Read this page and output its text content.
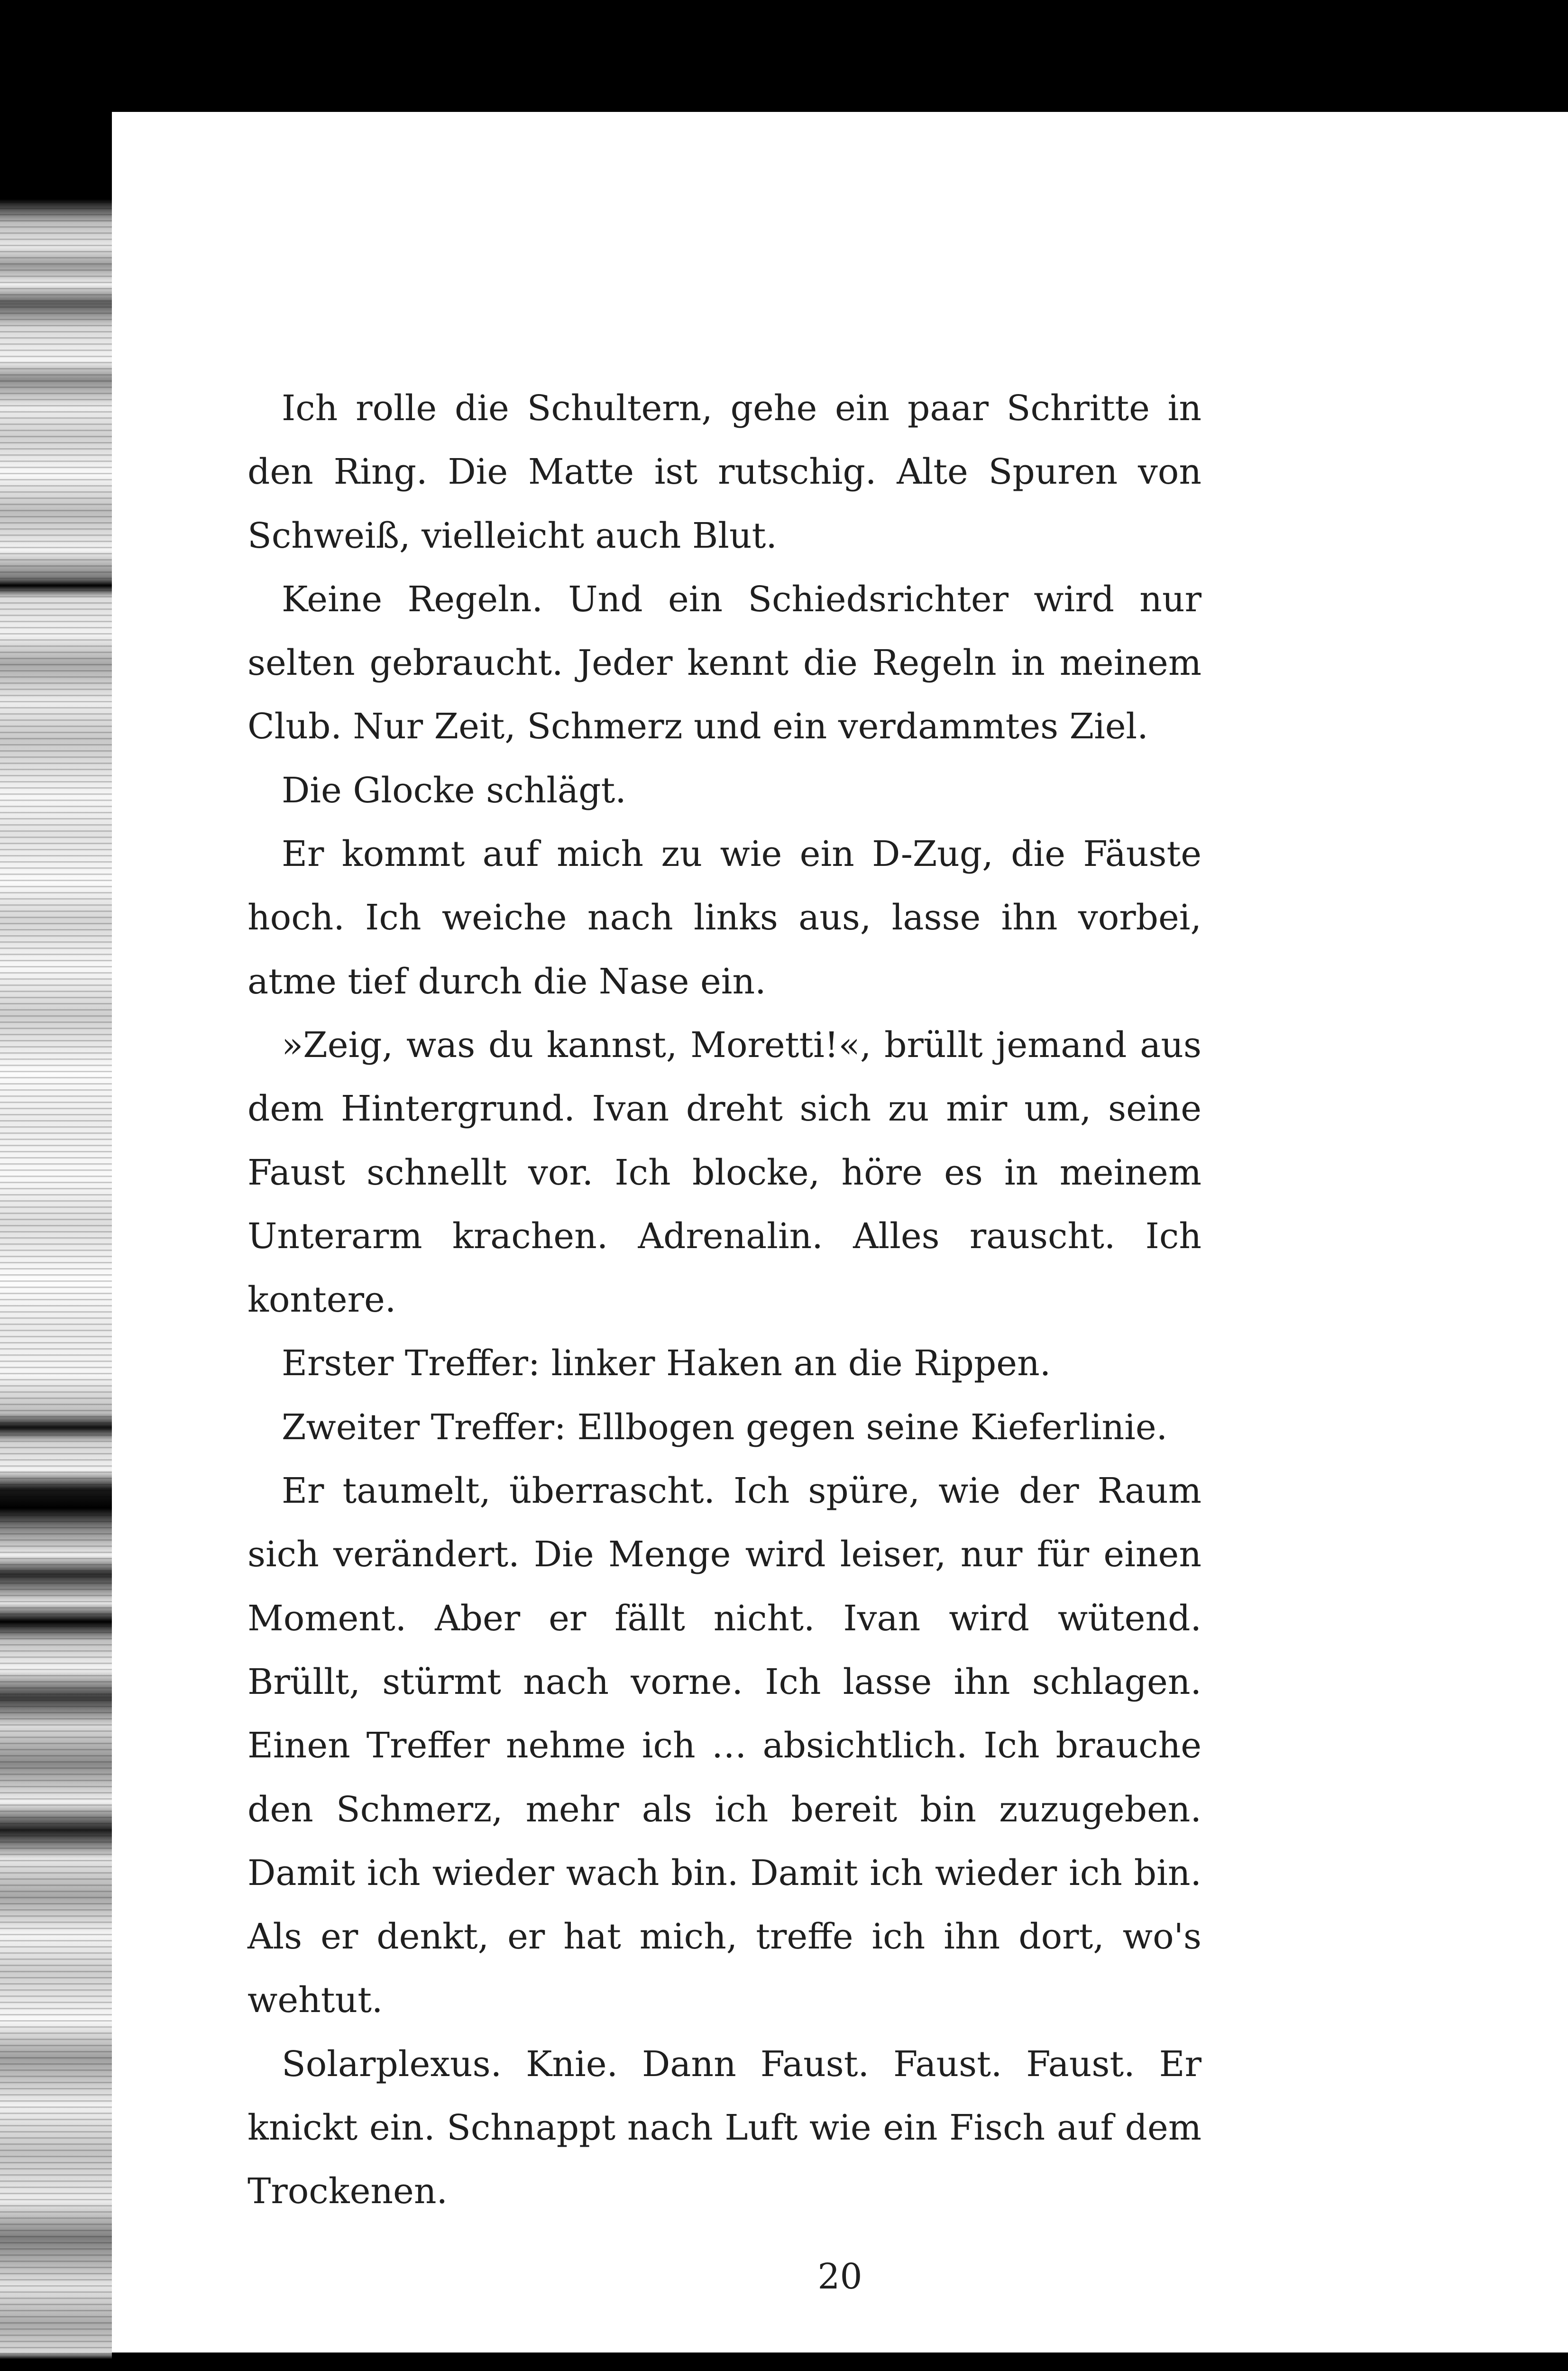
Ich rolle die Schultern, gehe ein paar Schritte in den Ring. Die Matte ist rutschig. Alte Spuren von Schweiß, vielleicht auch Blut.

Keine Regeln. Und ein Schiedsrichter wird nur selten gebraucht. Jeder kennt die Regeln in meinem Club. Nur Zeit, Schmerz und ein verdammtes Ziel.

Die Glocke schlägt.

Er kommt auf mich zu wie ein D-Zug, die Fäuste hoch. Ich weiche nach links aus, lasse ihn vorbei, atme tief durch die Nase ein.

»Zeig, was du kannst, Moretti!«, brüllt jemand aus dem Hintergrund. Ivan dreht sich zu mir um, seine Faust schnellt vor. Ich blocke, höre es in meinem Unterarm krachen. Adrenalin. Alles rauscht. Ich kontere.

Erster Treffer: linker Haken an die Rippen.

Zweiter Treffer: Ellbogen gegen seine Kieferlinie.

Er taumelt, überrascht. Ich spüre, wie der Raum sich verändert. Die Menge wird leiser, nur für einen Moment. Aber er fällt nicht. Ivan wird wütend. Brüllt, stürmt nach vorne. Ich lasse ihn schlagen. Einen Treffer nehme ich … absichtlich. Ich brauche den Schmerz, mehr als ich bereit bin zuzugeben. Damit ich wieder wach bin. Damit ich wieder ich bin. Als er denkt, er hat mich, treffe ich ihn dort, wo's wehtut.

Solarplexus. Knie. Dann Faust. Faust. Faust. Er knickt ein. Schnappt nach Luft wie ein Fisch auf dem Trockenen.

20
